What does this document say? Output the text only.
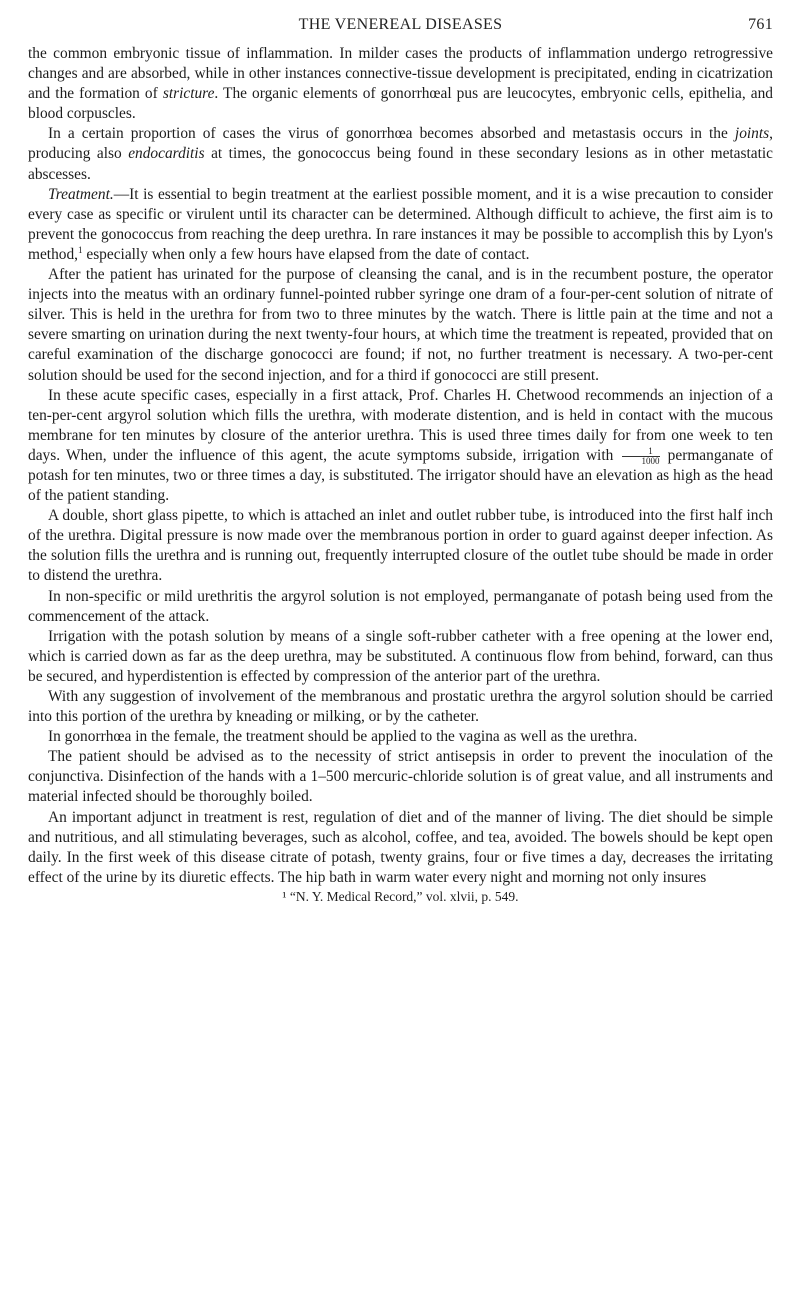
THE VENEREAL DISEASES	761

the common embryonic tissue of inflammation. In milder cases the products of inflammation undergo retrogressive changes and are absorbed, while in other instances connective-tissue development is precipitated, ending in cicatrization and the formation of stricture. The organic elements of gonorrhœal pus are leucocytes, embryonic cells, epithelia, and blood corpuscles.

In a certain proportion of cases the virus of gonorrhœa becomes absorbed and metastasis occurs in the joints, producing also endocarditis at times, the gonococcus being found in these secondary lesions as in other metastatic abscesses.

Treatment.—It is essential to begin treatment at the earliest possible moment, and it is a wise precaution to consider every case as specific or virulent until its character can be determined. Although difficult to achieve, the first aim is to prevent the gonococcus from reaching the deep urethra. In rare instances it may be possible to accomplish this by Lyon's method,$^1$ especially when only a few hours have elapsed from the date of contact.

After the patient has urinated for the purpose of cleansing the canal, and is in the recumbent posture, the operator injects into the meatus with an ordinary funnel-pointed rubber syringe one dram of a four-per-cent solution of nitrate of silver. This is held in the urethra for from two to three minutes by the watch. There is little pain at the time and not a severe smarting on urination during the next twenty-four hours, at which time the treatment is repeated, provided that on careful examination of the discharge gonococci are found; if not, no further treatment is necessary. A two-per-cent solution should be used for the second injection, and for a third if gonococci are still present.

In these acute specific cases, especially in a first attack, Prof. Charles H. Chetwood recommends an injection of a ten-per-cent argyrol solution which fills the urethra, with moderate distention, and is held in contact with the mucous membrane for ten minutes by closure of the anterior urethra. This is used three times daily for from one week to ten days. When, under the influence of this agent, the acute symptoms subside, irrigation with $\frac{1}{1000}$ permanganate of potash for ten minutes, two or three times a day, is substituted. The irrigator should have an elevation as high as the head of the patient standing.

A double, short glass pipette, to which is attached an inlet and outlet rubber tube, is introduced into the first half inch of the urethra. Digital pressure is now made over the membranous portion in order to guard against deeper infection. As the solution fills the urethra and is running out, frequently interrupted closure of the outlet tube should be made in order to distend the urethra.

In non-specific or mild urethritis the argyrol solution is not employed, permanganate of potash being used from the commencement of the attack.

Irrigation with the potash solution by means of a single soft-rubber catheter with a free opening at the lower end, which is carried down as far as the deep urethra, may be substituted. A continuous flow from behind, forward, can thus be secured, and hyperdistention is effected by compression of the anterior part of the urethra.

With any suggestion of involvement of the membranous and prostatic urethra the argyrol solution should be carried into this portion of the urethra by kneading or milking, or by the catheter.

In gonorrhœa in the female, the treatment should be applied to the vagina as well as the urethra.

The patient should be advised as to the necessity of strict antisepsis in order to prevent the inoculation of the conjunctiva. Disinfection of the hands with a 1–500 mercuric-chloride solution is of great value, and all instruments and material infected should be thoroughly boiled.

An important adjunct in treatment is rest, regulation of diet and of the manner of living. The diet should be simple and nutritious, and all stimulating beverages, such as alcohol, coffee, and tea, avoided. The bowels should be kept open daily. In the first week of this disease citrate of potash, twenty grains, four or five times a day, decreases the irritating effect of the urine by its diuretic effects. The hip bath in warm water every night and morning not only insures

¹ “N. Y. Medical Record,” vol. xlvii, p. 549.
